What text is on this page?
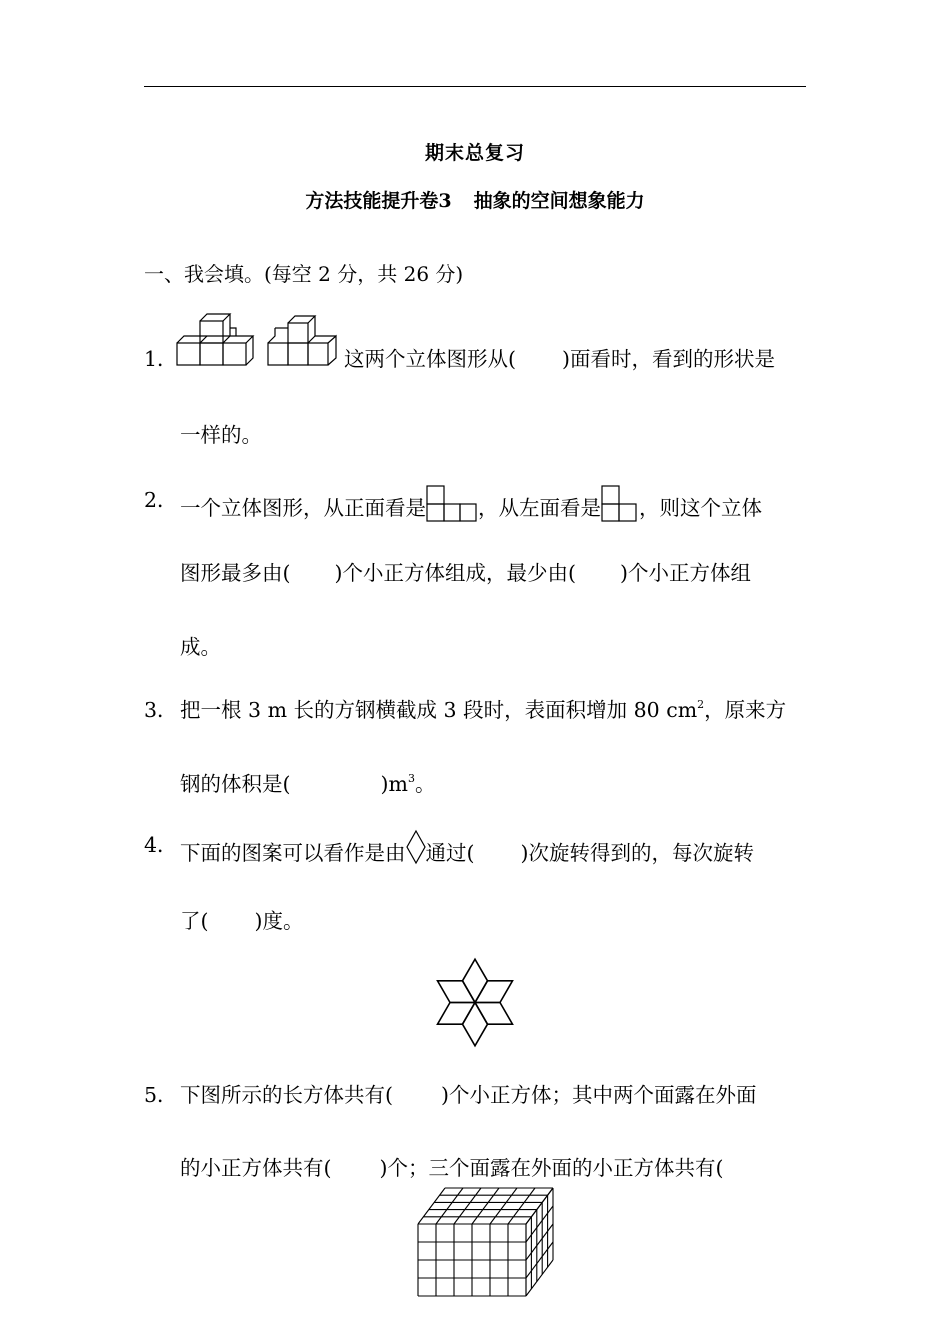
期末总复习
方法技能提升卷3 抽象的空间想象能力
一、我会填。(每空 2 分，共 26 分)
1．	这两个立体图形从( )面看时，看到的形状是
一样的。
2． 一个立体图形，从正面看是	，从左面看是 ，则这个立体
图形最多由( )个小正方体组成，最少由( )个小正方体组
成。
3． 把一根 3 m 长的方钢横截成 3 段时，表面积增加 80 $cm^2$，原来方
钢的体积是(	)$m^3$。
4． 下面的图案可以看作是由 通过( )次旋转得到的，每次旋转
了( )度。
5． 下图所示的长方体共有( )个小正方体；其中两个面露在外面
的小正方体共有( )个；三个面露在外面的小正方体共有(
